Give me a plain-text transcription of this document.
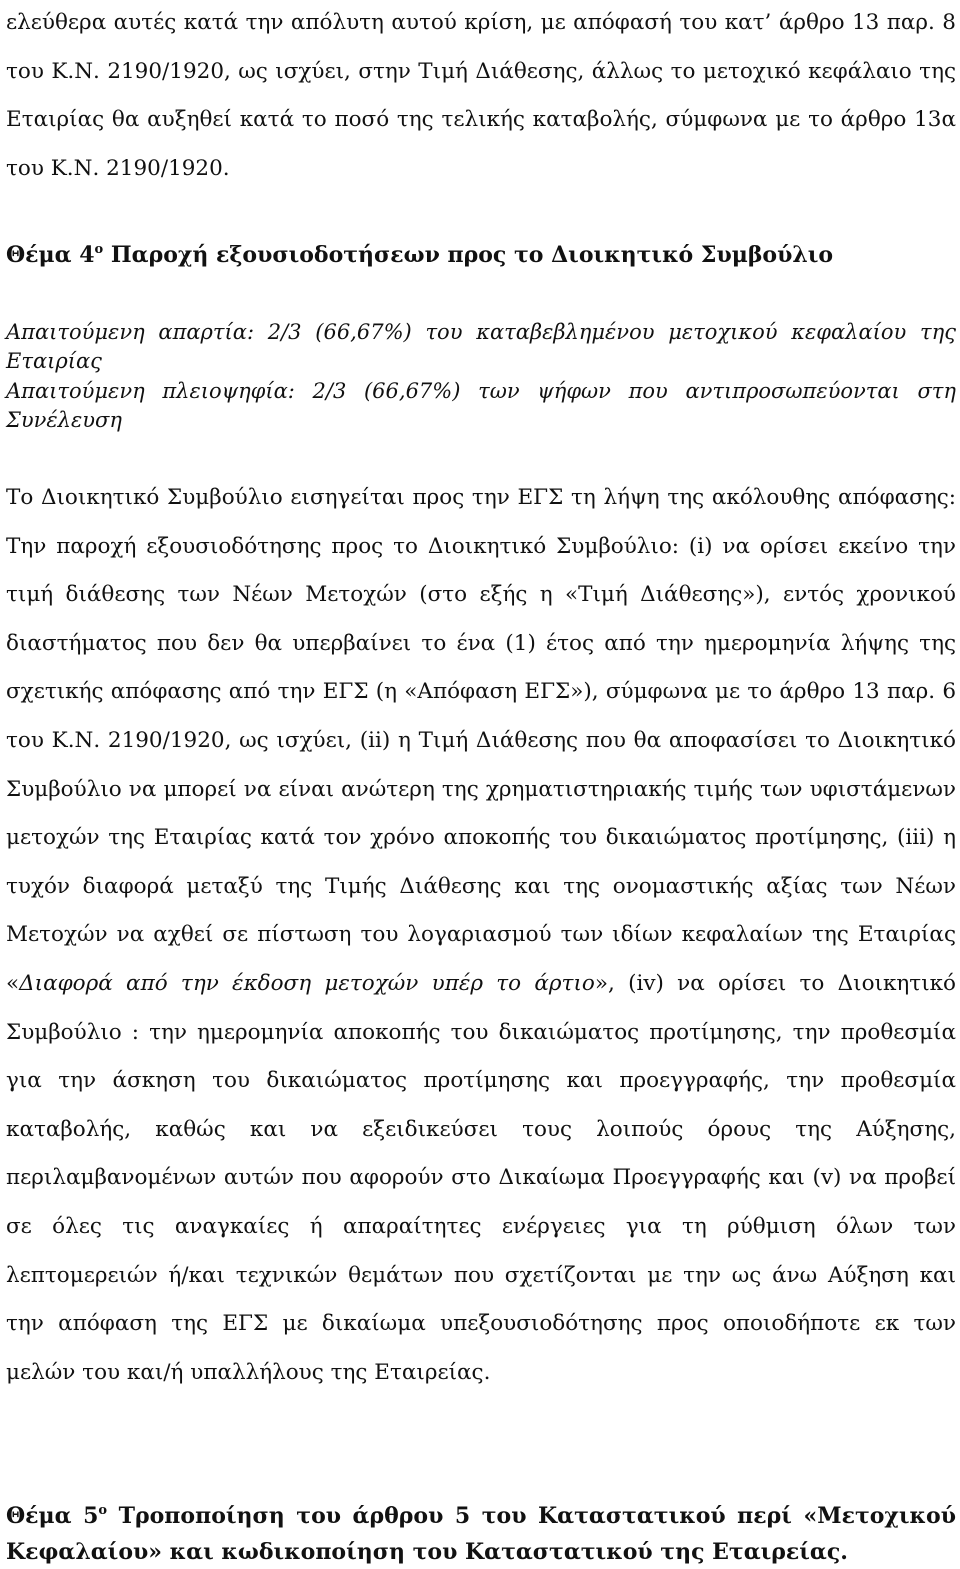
ελεύθερα αυτές κατά την απόλυτη αυτού κρίση, με απόφασή του κατ’ άρθρο 13 παρ. 8 του Κ.Ν. 2190/1920, ως ισχύει, στην Τιμή Διάθεσης, άλλως το μετοχικό κεφάλαιο της Εταιρίας θα αυξηθεί κατά το ποσό της τελικής καταβολής, σύμφωνα με το άρθρο 13α του Κ.Ν. 2190/1920.

Θέμα $4^o$ Παροχή εξουσιοδοτήσεων προς το Διοικητικό Συμβούλιο

Απαιτούμενη απαρτία: 2/3 (66,67%) του καταβεβλημένου μετοχικού κεφαλαίου της Εταιρίας

Απαιτούμενη πλειοψηφία: 2/3 (66,67%) των ψήφων που αντιπροσωπεύονται στη Συνέλευση

Το Διοικητικό Συμβούλιο εισηγείται προς την ΕΓΣ τη λήψη της ακόλουθης απόφασης: Την παροχή εξουσιοδότησης προς το Διοικητικό Συμβούλιο: (i) να ορίσει εκείνο την τιμή διάθεσης των Νέων Μετοχών (στο εξής η «Τιμή Διάθεσης»), εντός χρονικού διαστήματος που δεν θα υπερβαίνει το ένα (1) έτος από την ημερομηνία λήψης της σχετικής απόφασης από την ΕΓΣ (η «Απόφαση ΕΓΣ»), σύμφωνα με το άρθρο 13 παρ. 6 του Κ.Ν. 2190/1920, ως ισχύει, (ii) η Τιμή Διάθεσης που θα αποφασίσει το Διοικητικό Συμβούλιο να μπορεί να είναι ανώτερη της χρηματιστηριακής τιμής των υφιστάμενων μετοχών της Εταιρίας κατά τον χρόνο αποκοπής του δικαιώματος προτίμησης, (iii) η τυχόν διαφορά μεταξύ της Τιμής Διάθεσης και της ονομαστικής αξίας των Νέων Μετοχών να αχθεί σε πίστωση του λογαριασμού των ιδίων κεφαλαίων της Εταιρίας «Διαφορά από την έκδοση μετοχών υπέρ το άρτιο», (iv) να ορίσει το Διοικητικό Συμβούλιο : την ημερομηνία αποκοπής του δικαιώματος προτίμησης, την προθεσμία για την άσκηση του δικαιώματος προτίμησης και προεγγραφής, την προθεσμία καταβολής, καθώς και να εξειδικεύσει τους λοιπούς όρους της Αύξησης, περιλαμβανομένων αυτών που αφορούν στο Δικαίωμα Προεγγραφής και (v) να προβεί σε όλες τις αναγκαίες ή απαραίτητες ενέργειες για τη ρύθμιση όλων των λεπτομερειών ή/και τεχνικών θεμάτων που σχετίζονται με την ως άνω Αύξηση και την απόφαση της ΕΓΣ με δικαίωμα υπεξουσιοδότησης προς οποιοδήποτε εκ των μελών του και/ή υπαλλήλους της Εταιρείας.

Θέμα $5^o$ Τροποποίηση του άρθρου 5 του Καταστατικού περί «Μετοχικού Κεφαλαίου» και κωδικοποίηση του Καταστατικού της Εταιρείας.
